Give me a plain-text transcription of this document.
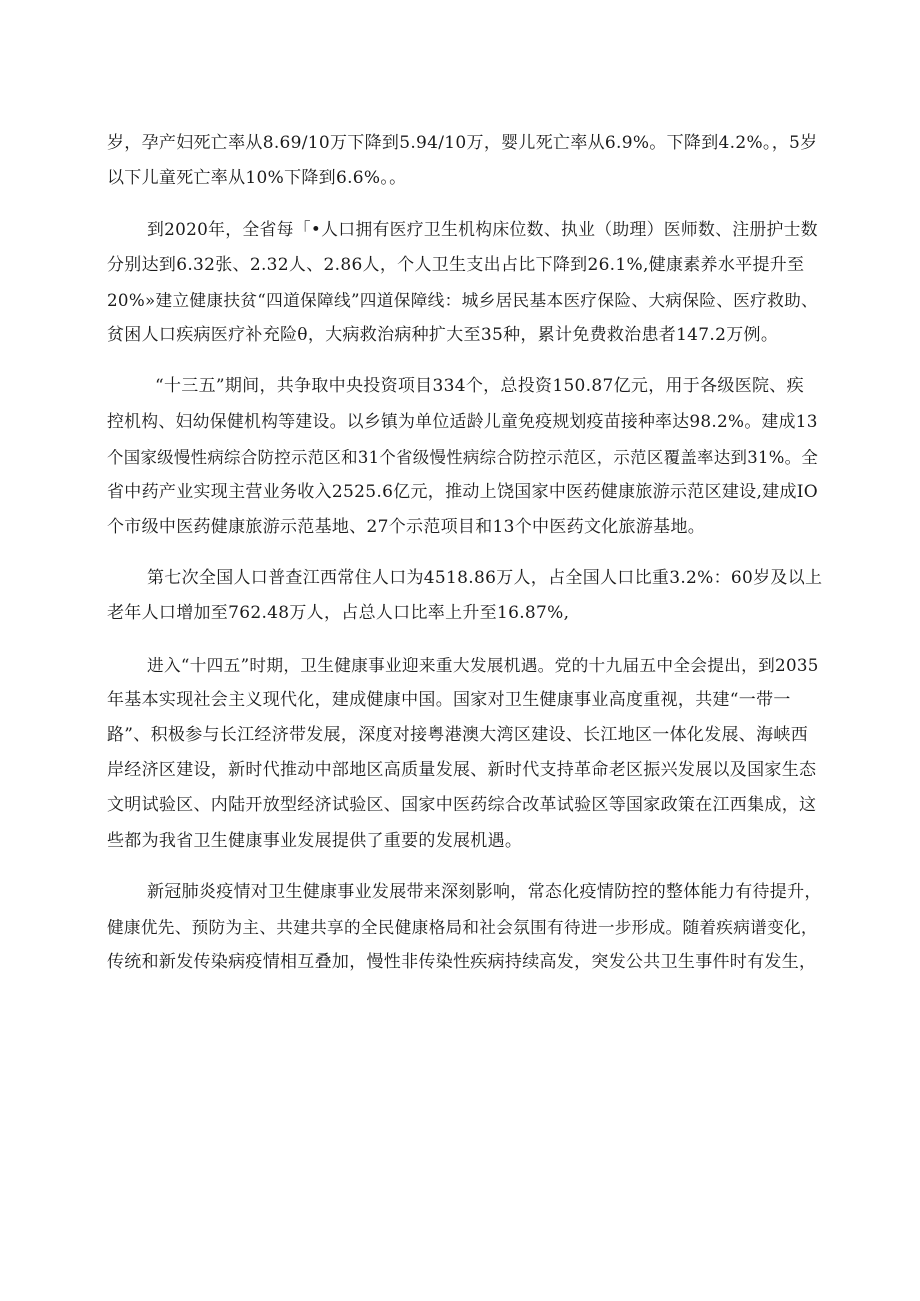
岁，孕产妇死亡率从8.69/10万下降到5.94/10万，婴儿死亡率从6.9%。下降到4.2%。，5岁
以下儿童死亡率从10%下降到6.6%。。

到2020年，全省每「•人口拥有医疗卫生机构床位数、执业（助理）医师数、注册护士数
分别达到6.32张、2.32人、2.86人，个人卫生支出占比下降到26.1%,健康素养水平提升至
20%»建立健康扶贫“四道保障线”四道保障线：城乡居民基本医疗保险、大病保险、医疗救助、
贫困人口疾病医疗补充险θ，大病救治病种扩大至35种，累计免费救治患者147.2万例。

“十三五”期间，共争取中央投资项目334个，总投资150.87亿元，用于各级医院、疾
控机构、妇幼保健机构等建设。以乡镇为单位适龄儿童免疫规划疫苗接种率达98.2%。建成13
个国家级慢性病综合防控示范区和31个省级慢性病综合防控示范区，示范区覆盖率达到31%。全
省中药产业实现主营业务收入2525.6亿元，推动上饶国家中医药健康旅游示范区建设,建成IO
个市级中医药健康旅游示范基地、27个示范项目和13个中医药文化旅游基地。

第七次全国人口普查江西常住人口为4518.86万人，占全国人口比重3.2%：60岁及以上
老年人口增加至762.48万人，占总人口比率上升至16.87%,

进入“十四五”时期，卫生健康事业迎来重大发展机遇。党的十九届五中全会提出，到2035
年基本实现社会主义现代化，建成健康中国。国家对卫生健康事业高度重视，共建“一带一
路”、积极参与长江经济带发展，深度对接粤港澳大湾区建设、长江地区一体化发展、海峡西
岸经济区建设，新时代推动中部地区高质量发展、新时代支持革命老区振兴发展以及国家生态
文明试验区、内陆开放型经济试验区、国家中医药综合改革试验区等国家政策在江西集成，这
些都为我省卫生健康事业发展提供了重要的发展机遇。

新冠肺炎疫情对卫生健康事业发展带来深刻影响，常态化疫情防控的整体能力有待提升，
健康优先、预防为主、共建共享的全民健康格局和社会氛围有待进一步形成。随着疾病谱变化，
传统和新发传染病疫情相互叠加，慢性非传染性疾病持续高发，突发公共卫生事件时有发生，
